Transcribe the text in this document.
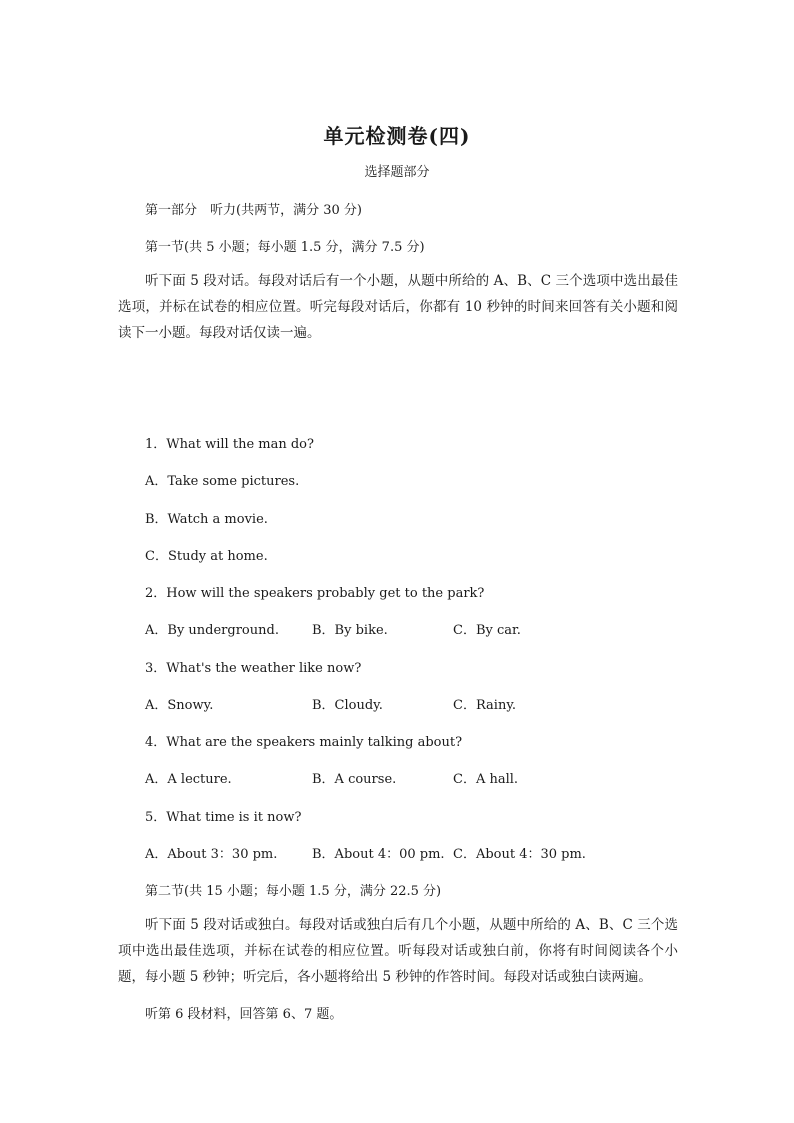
单元检测卷(四)
选择题部分
第一部分　听力(共两节，满分 30 分)
第一节(共 5 小题；每小题 1.5 分，满分 7.5 分)

听下面 5 段对话。每段对话后有一个小题，从题中所给的 A、B、C 三个选项中选出最佳选项，并标在试卷的相应位置。听完每段对话后，你都有 10 秒钟的时间来回答有关小题和阅读下一小题。每段对话仅读一遍。

1．What will the man do?
A．Take some pictures.
B．Watch a movie.
C．Study at home.
2．How will the speakers probably get to the park?
A．By underground.	B．By bike.	C．By car.
3．What's the weather like now?
A．Snowy.	B．Cloudy.	C．Rainy.
4．What are the speakers mainly talking about?
A．A lecture.	B．A course.	C．A hall.
5．What time is it now?
A．About 3：30 pm.	B．About 4：00 pm. C．About 4：30 pm.
第二节(共 15 小题；每小题 1.5 分，满分 22.5 分)

听下面 5 段对话或独白。每段对话或独白后有几个小题，从题中所给的 A、B、C 三个选项中选出最佳选项，并标在试卷的相应位置。听每段对话或独白前，你将有时间阅读各个小题，每小题 5 秒钟；听完后，各小题将给出 5 秒钟的作答时间。每段对话或独白读两遍。

听第 6 段材料，回答第 6、7 题。
